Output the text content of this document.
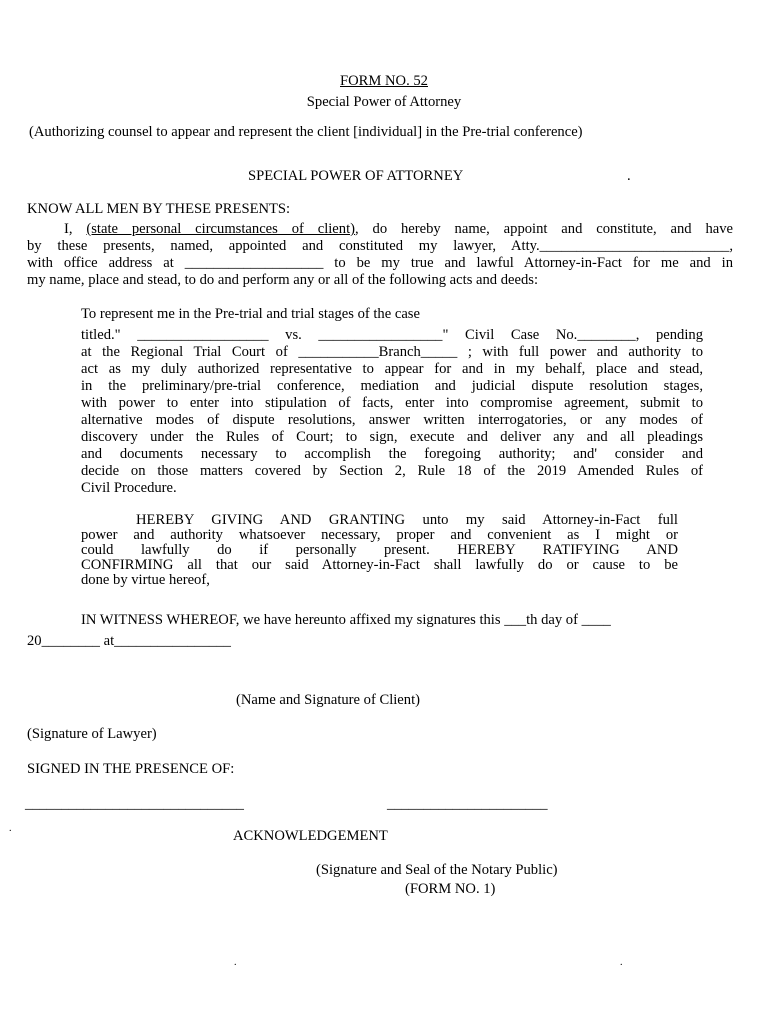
FORM NO. 52
Special Power of Attorney
(Authorizing counsel to appear and represent the client [individual] in the Pre-trial conference)
SPECIAL POWER OF ATTORNEY	.
KNOW ALL MEN BY THESE PRESENTS:
I, (state personal circumstances of client), do hereby name, appoint and constitute, and have
by these presents, named, appointed and constituted my lawyer, Atty.__________________________,
with office address at ___________________ to be my true and lawful Attorney-in-Fact for me and in
my name, place and stead, to do and perform any or all of the following acts and deeds:
To represent me in the Pre-trial and trial stages of the case
titled." __________________ vs. _________________" Civil Case No.________, pending
at the Regional Trial Court of ___________Branch_____ ; with full power and authority to
act as my duly authorized representative to appear for and in my behalf, place and stead,
in the preliminary/pre-trial conference, mediation and judicial dispute resolution stages,
with power to enter into stipulation of facts, enter into compromise agreement, submit to
alternative modes of dispute resolutions, answer written interrogatories, or any modes of
discovery under the Rules of Court; to sign, execute and deliver any and all pleadings
and documents necessary to accomplish the foregoing authority; and' consider and
decide on those matters covered by Section 2, Rule 18 of the 2019 Amended Rules of
Civil Procedure.
HEREBY GIVING AND GRANTING unto my said Attorney-in-Fact full
power and authority whatsoever necessary, proper and convenient as I might or
could lawfully do if personally present. HEREBY RATIFYING AND
CONFIRMING all that our said Attorney-in-Fact shall lawfully do or cause to be
done by virtue hereof,
IN WITNESS WHEREOF, we have hereunto affixed my signatures this ___th day of ____
20________ at________________
(Name and Signature of Client)
(Signature of Lawyer)
SIGNED IN THE PRESENCE OF:
______________________________	______________________
.	ACKNOWLEDGEMENT
(Signature and Seal of the Notary Public)
(FORM NO. 1)
.	.
